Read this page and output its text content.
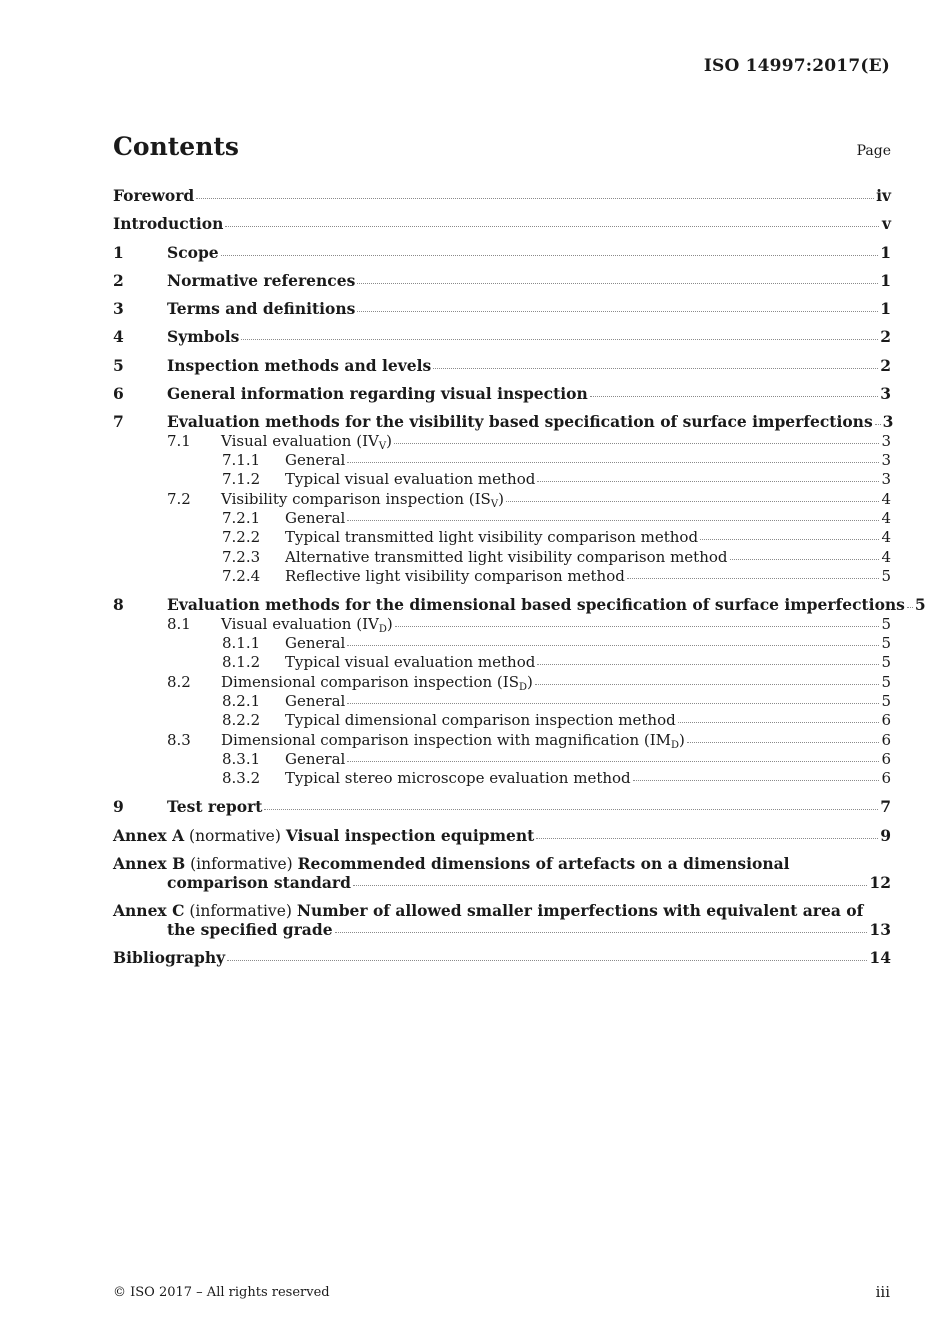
ISO 14997:2017(E)
Contents	Page
Foreword	iv
Introduction	v
1	Scope	1
2	Normative references	1
3	Terms and definitions	1
4	Symbols	2
5	Inspection methods and levels	2
6	General information regarding visual inspection	3
7	Evaluation methods for the visibility based specification of surface imperfections 3
7.1	Visual evaluation $(IV_V)$	3
7.1.1	General	3
7.1.2	Typical visual evaluation method	3
7.2	Visibility comparison inspection $(IS_V)$	4
7.2.1	General	4
7.2.2	Typical transmitted light visibility comparison method	4
7.2.3	Alternative transmitted light visibility comparison method	4
7.2.4	Reflective light visibility comparison method	5
8	Evaluation methods for the dimensional based specification of surface imperfections 5
8.1	Visual evaluation $(IV_D)$	5
8.1.1	General	5
8.1.2	Typical visual evaluation method	5
8.2	Dimensional comparison inspection $(IS_D)$	5
8.2.1	General	5
8.2.2	Typical dimensional comparison inspection method	6
8.3	Dimensional comparison inspection with magnification $(IM_D)$	6
8.3.1	General	6
8.3.2	Typical stereo microscope evaluation method	6
9	Test report	7
Annex A (normative) Visual inspection equipment	9
Annex B (informative) Recommended dimensions of artefacts on a dimensional
comparison standard	12
Annex C (informative) Number of allowed smaller imperfections with equivalent area of
the specified grade	13
Bibliography	14
© ISO 2017 – All rights reserved	iii
